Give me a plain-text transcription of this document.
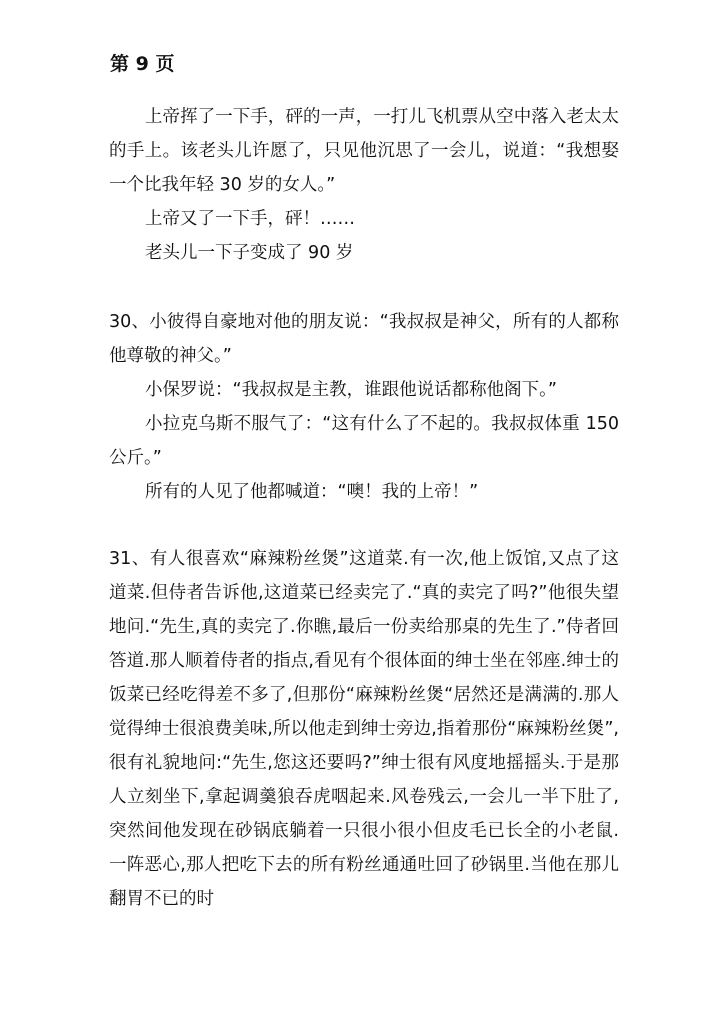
第 9 页

上帝挥了一下手，砰的一声，一打儿飞机票从空中落入老太太的手上。该老头儿许愿了，只见他沉思了一会儿，说道：“我想娶一个比我年轻 30 岁的女人。”

上帝又了一下手，砰！……

老头儿一下子变成了 90 岁

30、小彼得自豪地对他的朋友说：“我叔叔是神父，所有的人都称他尊敬的神父。”

小保罗说：“我叔叔是主教，谁跟他说话都称他阁下。”

小拉克乌斯不服气了：“这有什么了不起的。我叔叔体重 150 公斤。”

所有的人见了他都喊道：“噢！我的上帝！”

31、有人很喜欢“麻辣粉丝煲”这道菜.有一次,他上饭馆,又点了这道菜.但侍者告诉他,这道菜已经卖完了.“真的卖完了吗?”他很失望地问.“先生,真的卖完了.你瞧,最后一份卖给那桌的先生了.”侍者回答道.那人顺着侍者的指点,看见有个很体面的绅士坐在邻座.绅士的饭菜已经吃得差不多了,但那份“麻辣粉丝煲“居然还是满满的.那人觉得绅士很浪费美味,所以他走到绅士旁边,指着那份“麻辣粉丝煲”,很有礼貌地问:“先生,您这还要吗?”绅士很有风度地摇摇头.于是那人立刻坐下,拿起调羹狼吞虎咽起来.风卷残云,一会儿一半下肚了,突然间他发现在砂锅底躺着一只很小很小但皮毛已长全的小老鼠.一阵恶心,那人把吃下去的所有粉丝通通吐回了砂锅里.当他在那儿翻胃不已的时
